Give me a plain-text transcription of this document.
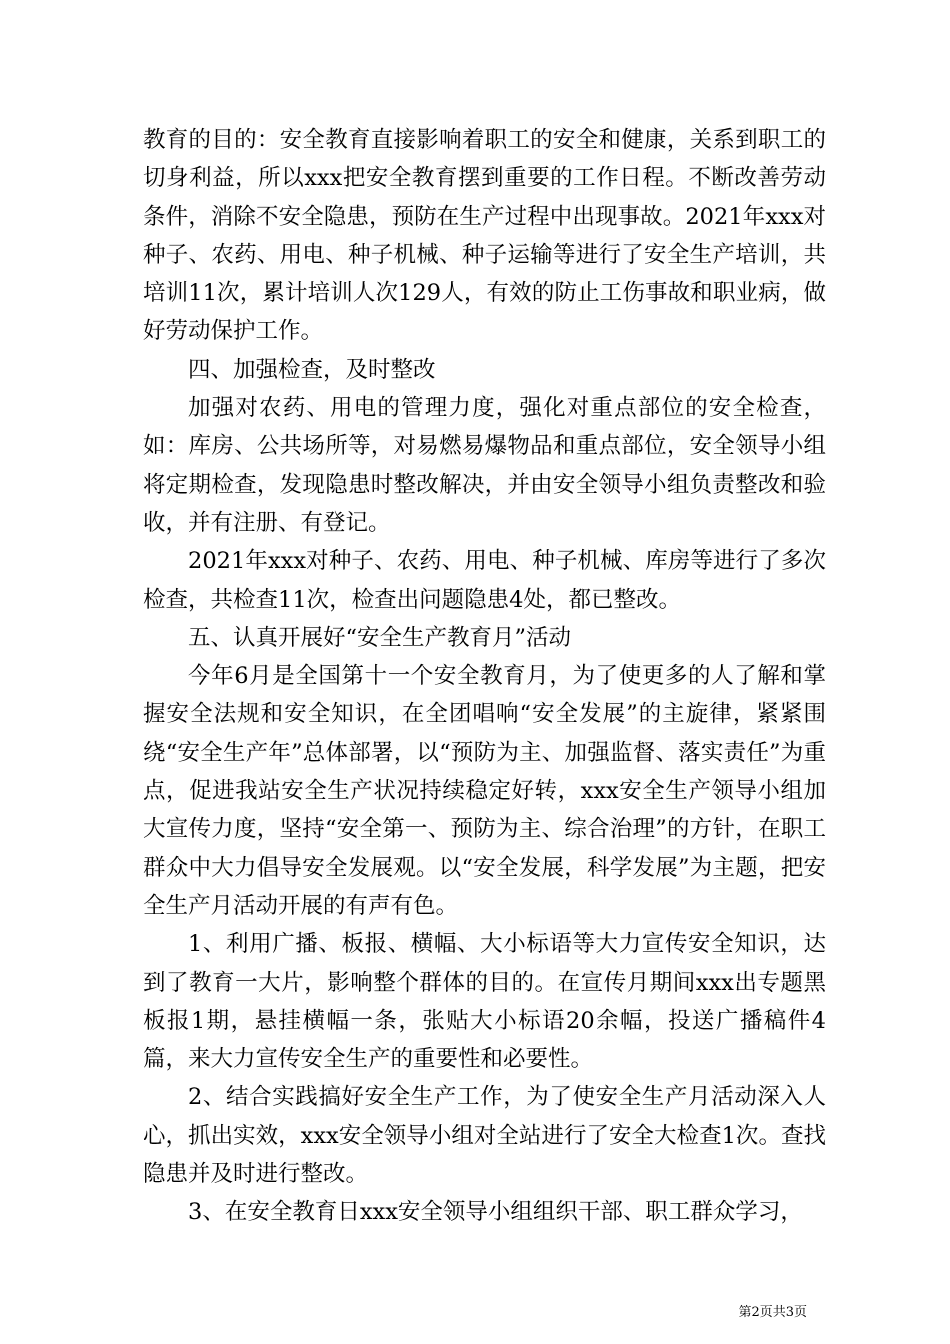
教育的目的：安全教育直接影响着职工的安全和健康，关系到职工的切身利益，所以xxx把安全教育摆到重要的工作日程。不断改善劳动条件，消除不安全隐患，预防在生产过程中出现事故。2021年xxx对种子、农药、用电、种子机械、种子运输等进行了安全生产培训，共培训11次，累计培训人次129人，有效的防止工伤事故和职业病，做好劳动保护工作。

四、加强检查，及时整改

加强对农药、用电的管理力度，强化对重点部位的安全检查，如：库房、公共场所等，对易燃易爆物品和重点部位，安全领导小组将定期检查，发现隐患时整改解决，并由安全领导小组负责整改和验收，并有注册、有登记。

2021年xxx对种子、农药、用电、种子机械、库房等进行了多次检查，共检查11次，检查出问题隐患4处，都已整改。

五、认真开展好“安全生产教育月”活动

今年6月是全国第十一个安全教育月，为了使更多的人了解和掌握安全法规和安全知识，在全团唱响“安全发展”的主旋律，紧紧围绕“安全生产年”总体部署，以“预防为主、加强监督、落实责任”为重点，促进我站安全生产状况持续稳定好转，xxx安全生产领导小组加大宣传力度，坚持“安全第一、预防为主、综合治理”的方针，在职工群众中大力倡导安全发展观。以“安全发展，科学发展”为主题，把安全生产月活动开展的有声有色。

1、利用广播、板报、横幅、大小标语等大力宣传安全知识，达到了教育一大片，影响整个群体的目的。在宣传月期间xxx出专题黑板报1期，悬挂横幅一条，张贴大小标语20余幅，投送广播稿件4篇，来大力宣传安全生产的重要性和必要性。

2、结合实践搞好安全生产工作，为了使安全生产月活动深入人心，抓出实效，xxx安全领导小组对全站进行了安全大检查1次。查找隐患并及时进行整改。

3、在安全教育日xxx安全领导小组组织干部、职工群众学习，

第2页共3页
